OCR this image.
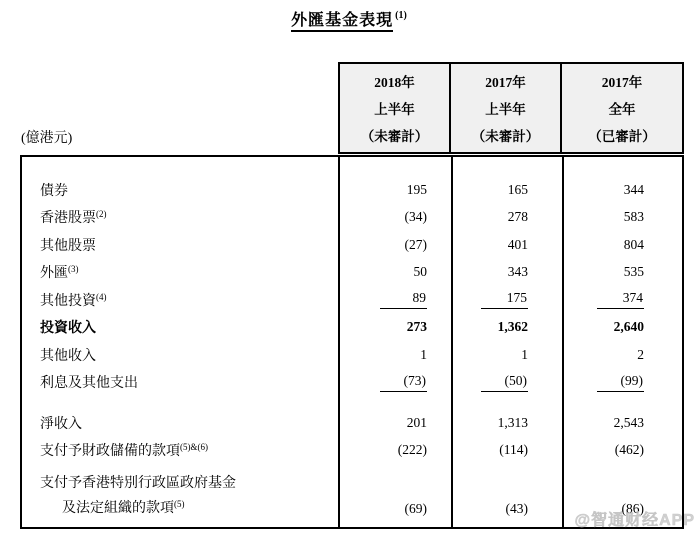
外匯基金表現 $^{(1)}$
(億港元)
2018年
上半年
（未審計）
2017年
上半年
（未審計）
2017年
全年
（已審計）
債券	195	165	344
香港股票$^{(2)}$	(34)	278	583
其他股票	(27)	401	804
外匯$^{(3)}$	50	343	535
其他投資$^{(4)}$	89	175	374
投資收入	273	1,362	2,640
其他收入	1	1	2
利息及其他支出	(73)	(50)	(99)
淨收入	201	1,313	2,543
支付予財政儲備的款項$^{(5)\&(6)}$	(222)	(114)	(462)
支付予香港特別行政區政府基金
及法定組織的款項$^{(5)}$	(69)	(43)	(86)
@智通财经APP
